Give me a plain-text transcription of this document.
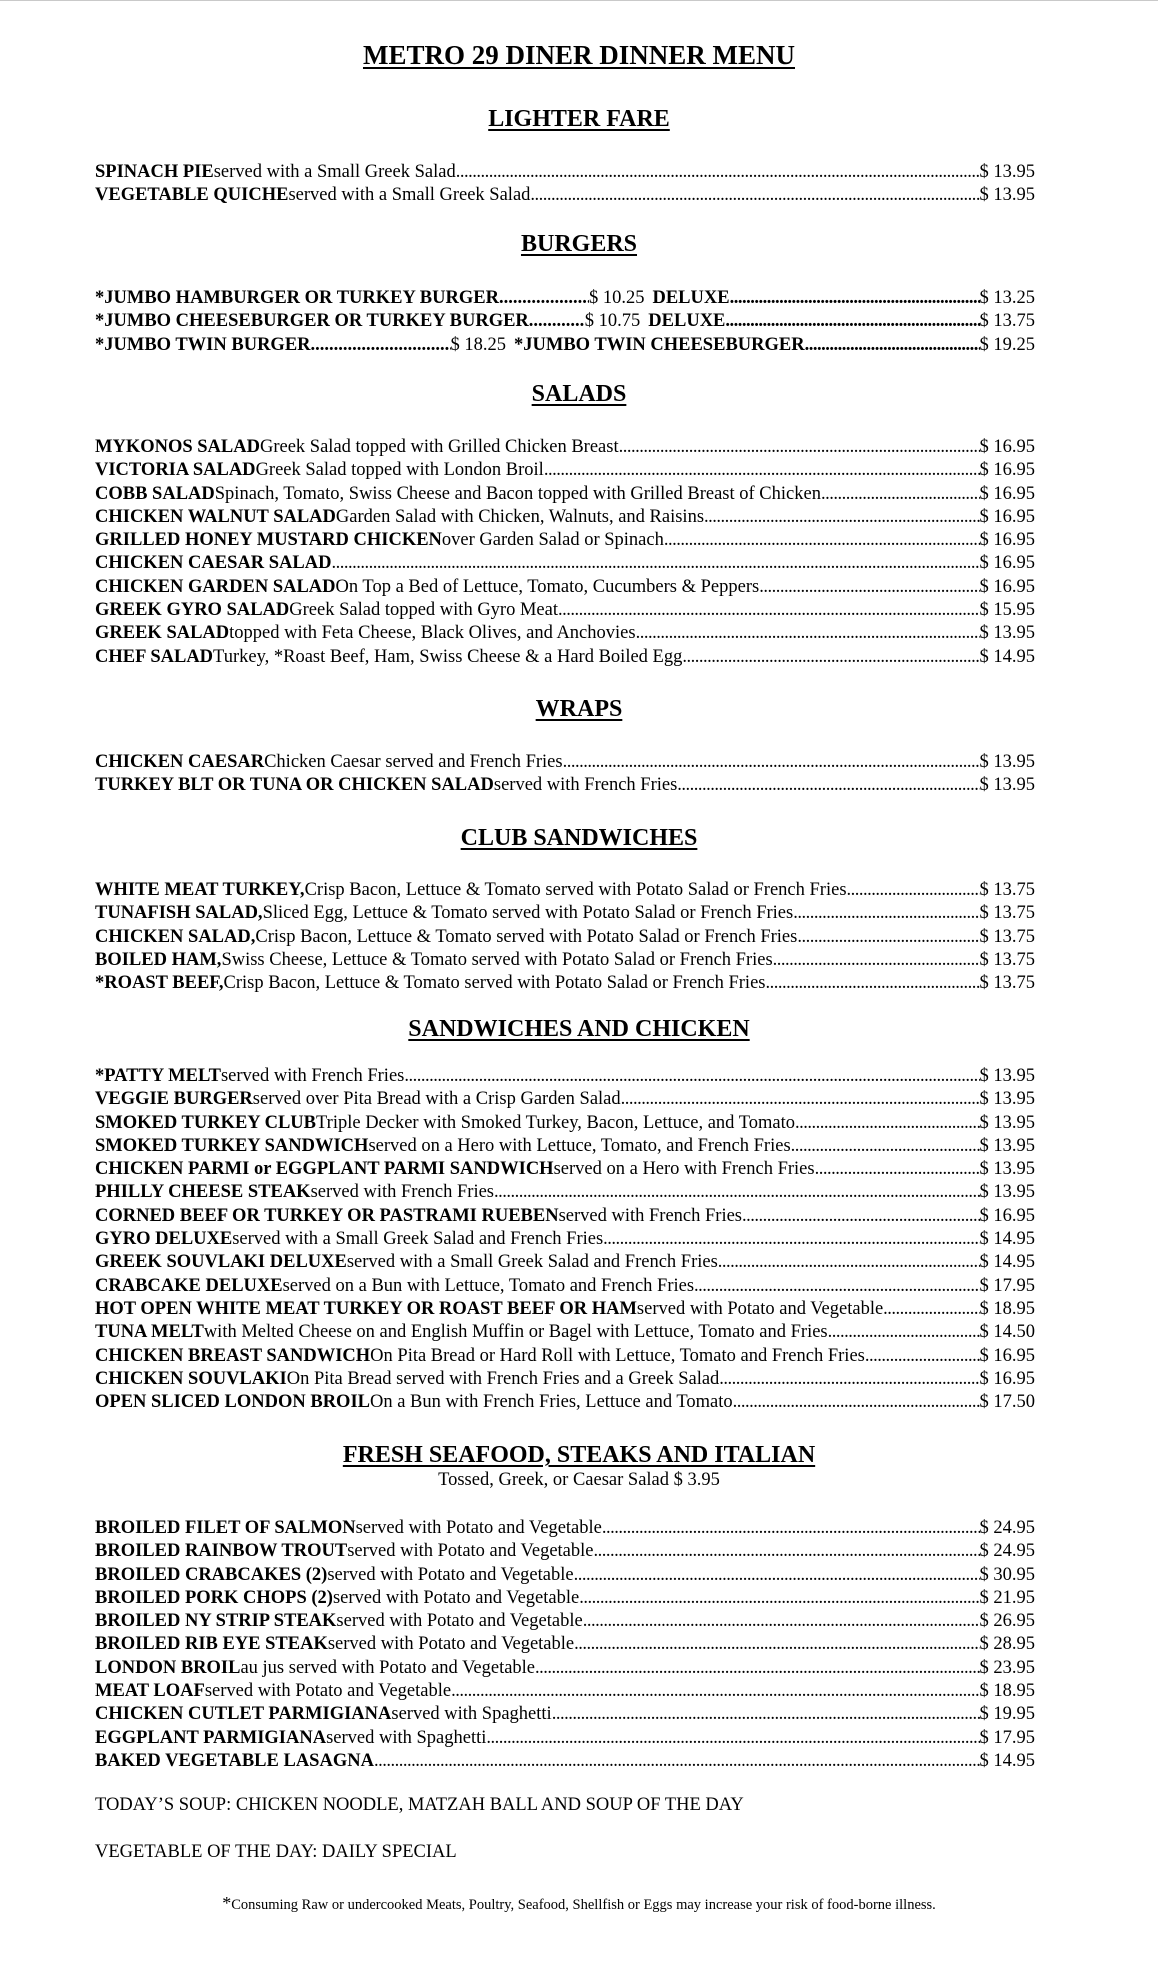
METRO 29 DINER DINNER MENU
LIGHTER FARE
SPINACH PIE served with a Small Greek Salad .....	$ 13.95
VEGETABLE QUICHE served with a Small Greek Salad .....	$ 13.95
BURGERS
*JUMBO HAMBURGER OR TURKEY BURGER .....	$ 10.25 DELUXE .....	$ 13.25
*JUMBO CHEESEBURGER OR TURKEY BURGER .....	$ 10.75 DELUXE .....	$ 13.75
*JUMBO TWIN BURGER .....	$ 18.25 *JUMBO TWIN CHEESEBURGER .....	$ 19.25
SALADS
MYKONOS SALAD Greek Salad topped with Grilled Chicken Breast .....	$ 16.95
VICTORIA SALAD Greek Salad topped with London Broil .....	$ 16.95
COBB SALAD Spinach, Tomato, Swiss Cheese and Bacon topped with Grilled Breast of Chicken .....	$ 16.95
CHICKEN WALNUT SALAD Garden Salad with Chicken, Walnuts, and Raisins .....	$ 16.95
GRILLED HONEY MUSTARD CHICKEN over Garden Salad or Spinach .....	$ 16.95
CHICKEN CAESAR SALAD .....	$ 16.95
CHICKEN GARDEN SALAD On Top a Bed of Lettuce, Tomato, Cucumbers & Peppers .....	$ 16.95
GREEK GYRO SALAD Greek Salad topped with Gyro Meat .....	$ 15.95
GREEK SALAD topped with Feta Cheese, Black Olives, and Anchovies .....	$ 13.95
CHEF SALAD Turkey, *Roast Beef, Ham, Swiss Cheese & a Hard Boiled Egg .....	$ 14.95
WRAPS
CHICKEN CAESAR Chicken Caesar served and French Fries .....	$ 13.95
TURKEY BLT OR TUNA OR CHICKEN SALAD served with French Fries .....	$ 13.95
CLUB SANDWICHES
WHITE MEAT TURKEY, Crisp Bacon, Lettuce & Tomato served with Potato Salad or French Fries .....	$ 13.75
TUNAFISH SALAD, Sliced Egg, Lettuce & Tomato served with Potato Salad or French Fries .....	$ 13.75
CHICKEN SALAD, Crisp Bacon, Lettuce & Tomato served with Potato Salad or French Fries .....	$ 13.75
BOILED HAM, Swiss Cheese, Lettuce & Tomato served with Potato Salad or French Fries .....	$ 13.75
*ROAST BEEF, Crisp Bacon, Lettuce & Tomato served with Potato Salad or French Fries .....	$ 13.75
SANDWICHES AND CHICKEN
*PATTY MELT served with French Fries .....	$ 13.95
VEGGIE BURGER served over Pita Bread with a Crisp Garden Salad .....	$ 13.95
SMOKED TURKEY CLUB Triple Decker with Smoked Turkey, Bacon, Lettuce, and Tomato .....	$ 13.95
SMOKED TURKEY SANDWICH served on a Hero with Lettuce, Tomato, and French Fries .....	$ 13.95
CHICKEN PARMI or EGGPLANT PARMI SANDWICH served on a Hero with French Fries .....	$ 13.95
PHILLY CHEESE STEAK served with French Fries .....	$ 13.95
CORNED BEEF OR TURKEY OR PASTRAMI RUEBEN served with French Fries .....	$ 16.95
GYRO DELUXE served with a Small Greek Salad and French Fries .....	$ 14.95
GREEK SOUVLAKI DELUXE served with a Small Greek Salad and French Fries .....	$ 14.95
CRABCAKE DELUXE served on a Bun with Lettuce, Tomato and French Fries .....	$ 17.95
HOT OPEN WHITE MEAT TURKEY OR ROAST BEEF OR HAM served with Potato and Vegetable .....	$ 18.95
TUNA MELT with Melted Cheese on and English Muffin or Bagel with Lettuce, Tomato and Fries .....	$ 14.50
CHICKEN BREAST SANDWICH On Pita Bread or Hard Roll with Lettuce, Tomato and French Fries .....	$ 16.95
CHICKEN SOUVLAKI On Pita Bread served with French Fries and a Greek Salad .....	$ 16.95
OPEN SLICED LONDON BROIL On a Bun with French Fries, Lettuce and Tomato .....	$ 17.50
FRESH SEAFOOD, STEAKS AND ITALIAN
Tossed, Greek, or Caesar Salad $ 3.95
BROILED FILET OF SALMON served with Potato and Vegetable .....	$ 24.95
BROILED RAINBOW TROUT served with Potato and Vegetable .....	$ 24.95
BROILED CRABCAKES (2) served with Potato and Vegetable .....	$ 30.95
BROILED PORK CHOPS (2) served with Potato and Vegetable .....	$ 21.95
BROILED NY STRIP STEAK served with Potato and Vegetable .....	$ 26.95
BROILED RIB EYE STEAK served with Potato and Vegetable .....	$ 28.95
LONDON BROIL au jus served with Potato and Vegetable .....	$ 23.95
MEAT LOAF served with Potato and Vegetable .....	$ 18.95
CHICKEN CUTLET PARMIGIANA served with Spaghetti .....	$ 19.95
EGGPLANT PARMIGIANA served with Spaghetti .....	$ 17.95
BAKED VEGETABLE LASAGNA .....	$ 14.95
TODAY’S SOUP: CHICKEN NOODLE, MATZAH BALL AND SOUP OF THE DAY
VEGETABLE OF THE DAY: DAILY SPECIAL
*Consuming Raw or undercooked Meats, Poultry, Seafood, Shellfish or Eggs may increase your risk of food-borne illness.
